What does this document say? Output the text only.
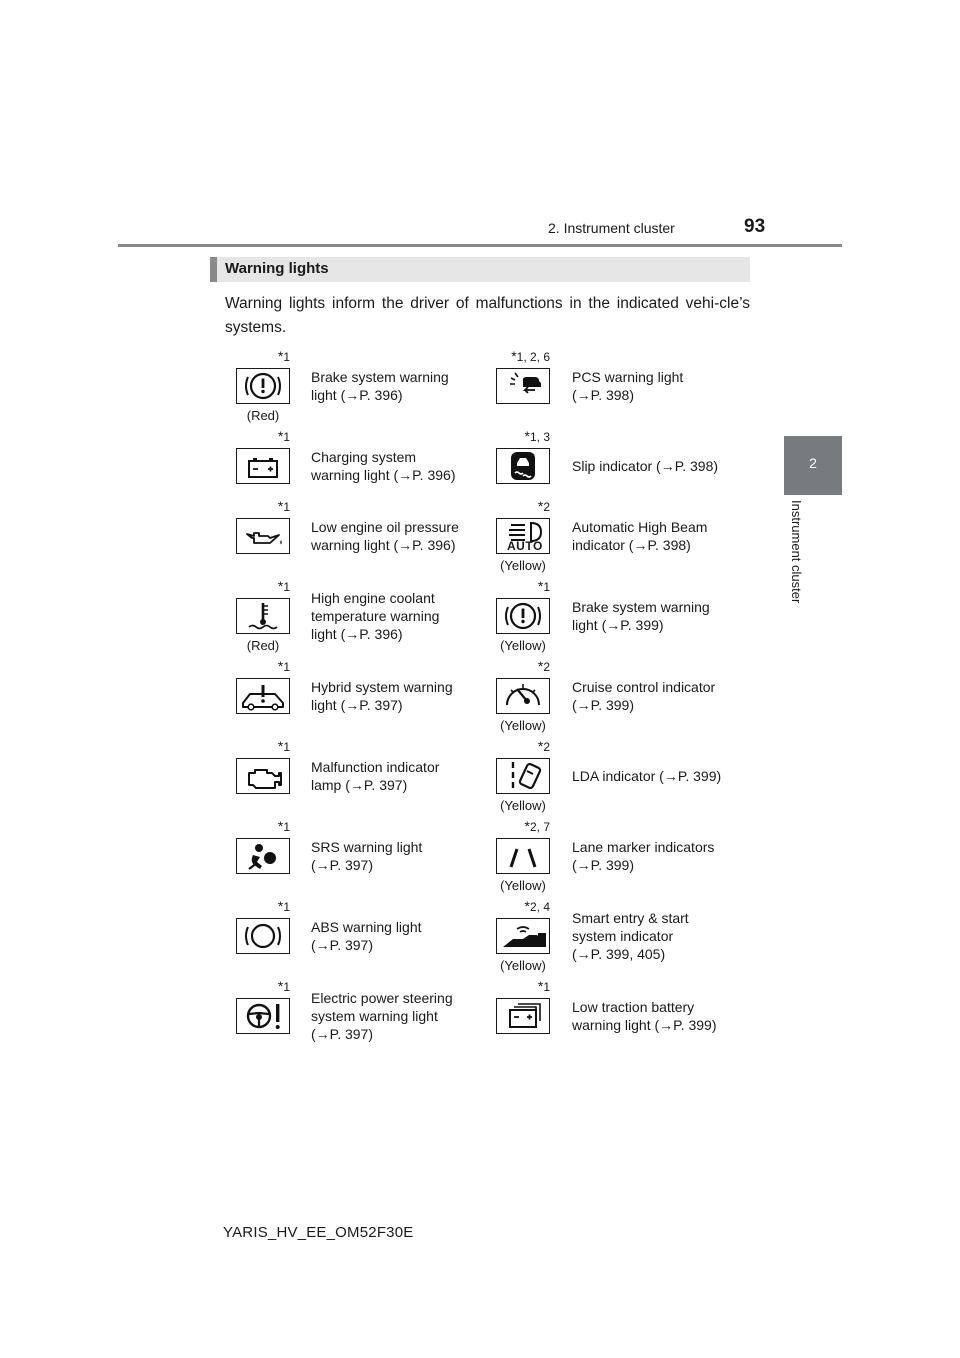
2. Instrument cluster	93
2
Instrument cluster
Warning lights
Warning lights inform the driver of malfunctions in the indicated vehi-cle’s systems.
*1
(Red)
Brake system warning
light (→P. 396)
*1
Charging system
warning light (→P. 396)
*1
Low engine oil pressure
warning light (→P. 396)
*1
(Red)
High engine coolant
temperature warning
light (→P. 396)
*1
Hybrid system warning
light (→P. 397)
*1
Malfunction indicator
lamp (→P. 397)
*1
SRS warning light
(→P. 397)
*1
ABS warning light
(→P. 397)
*1
Electric power steering
system warning light
(→P. 397)
*1, 2, 6
PCS warning light
(→P. 398)
*1, 3
Slip indicator (→P. 398)
*2
AUTO
(Yellow)
Automatic High Beam
indicator (→P. 398)
*1
(Yellow)
Brake system warning
light (→P. 399)
*2
(Yellow)
Cruise control indicator
(→P. 399)
*2
(Yellow)
LDA indicator (→P. 399)
*2, 7
(Yellow)
Lane marker indicators
(→P. 399)
*2, 4
(Yellow)
Smart entry & start
system indicator
(→P. 399, 405)
*1
Low traction battery
warning light (→P. 399)
YARIS_HV_EE_OM52F30E
